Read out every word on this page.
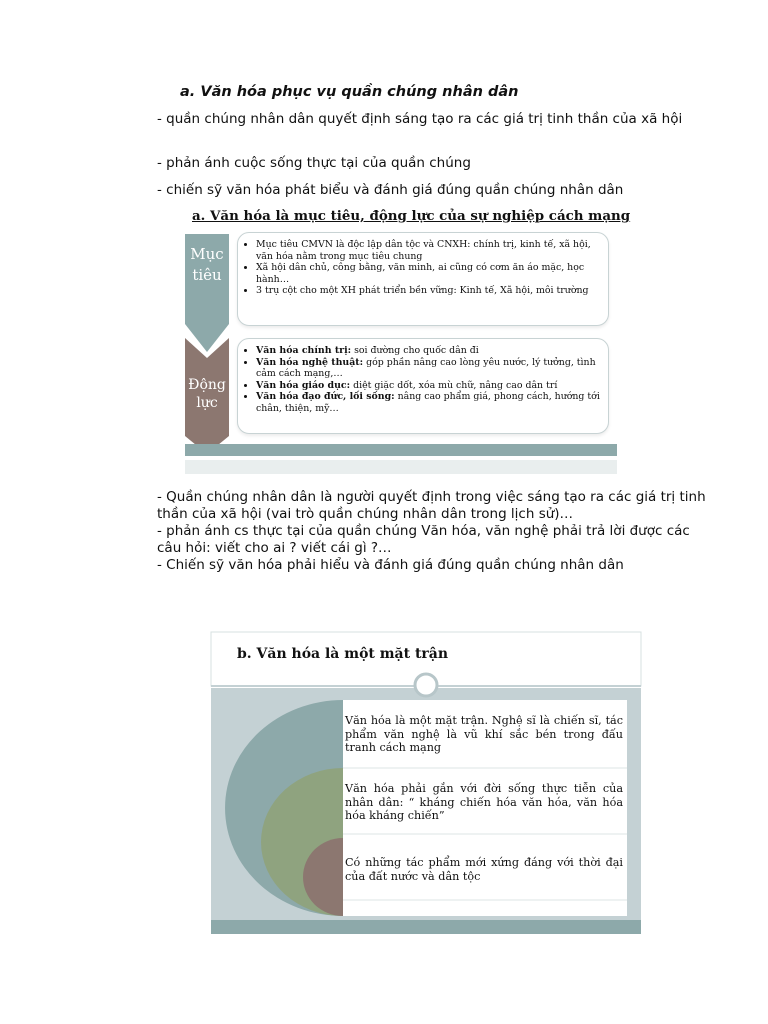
a. Văn hóa phục vụ quần chúng nhân dân
- quần chúng nhân dân quyết định sáng tạo ra các giá trị tinh thần của xã hội
- phản ánh cuộc sống thực tại của quần chúng
- chiến sỹ văn hóa phát biểu và đánh giá đúng quần chúng nhân dân
a. Văn hóa là mục tiêu, động lực của sự nghiệp cách mạng
Mục
tiêu
Động
lực
• Mục tiêu CMVN là độc lập dân tộc và CNXH: chính trị, kinh tế, xã hội, văn hóa nằm trong mục tiêu chung
• Xã hội dân chủ, công bằng, văn minh, ai cũng có cơm ăn áo mặc, học hành…
• 3 trụ cột cho một XH phát triển bền vững: Kinh tế, Xã hội, môi trường
• Văn hóa chính trị: soi đường cho quốc dân đi
• Văn hóa nghệ thuật: góp phần nâng cao lòng yêu nước, lý tưởng, tình cảm cách mạng,…
• Văn hóa giáo dục: diệt giặc dốt, xóa mù chữ, nâng cao dân trí
• Văn hóa đạo đức, lối sống: nâng cao phẩm giá, phong cách, hướng tới chân, thiện, mỹ…
- Quần chúng nhân dân là người quyết định trong việc sáng tạo ra các giá trị tinh thần của xã hội (vai trò quần chúng nhân dân trong lịch sử)…
- phản ánh cs thực tại của quần chúng Văn hóa, văn nghệ phải trả lời được các câu hỏi: viết cho ai ? viết cái gì ?…
- Chiến sỹ văn hóa phải hiểu và đánh giá đúng quần chúng nhân dân
b. Văn hóa là một mặt trận
Văn hóa là một mặt trận. Nghệ sĩ là chiến sĩ, tác phẩm văn nghệ là vũ khí sắc bén trong đấu tranh cách mạng
Văn hóa phải gắn với đời sống thực tiễn của nhân dân: “ kháng chiến hóa văn hóa, văn hóa hóa kháng chiến”
Có những tác phẩm mới xứng đáng với thời đại của đất nước và dân tộc
